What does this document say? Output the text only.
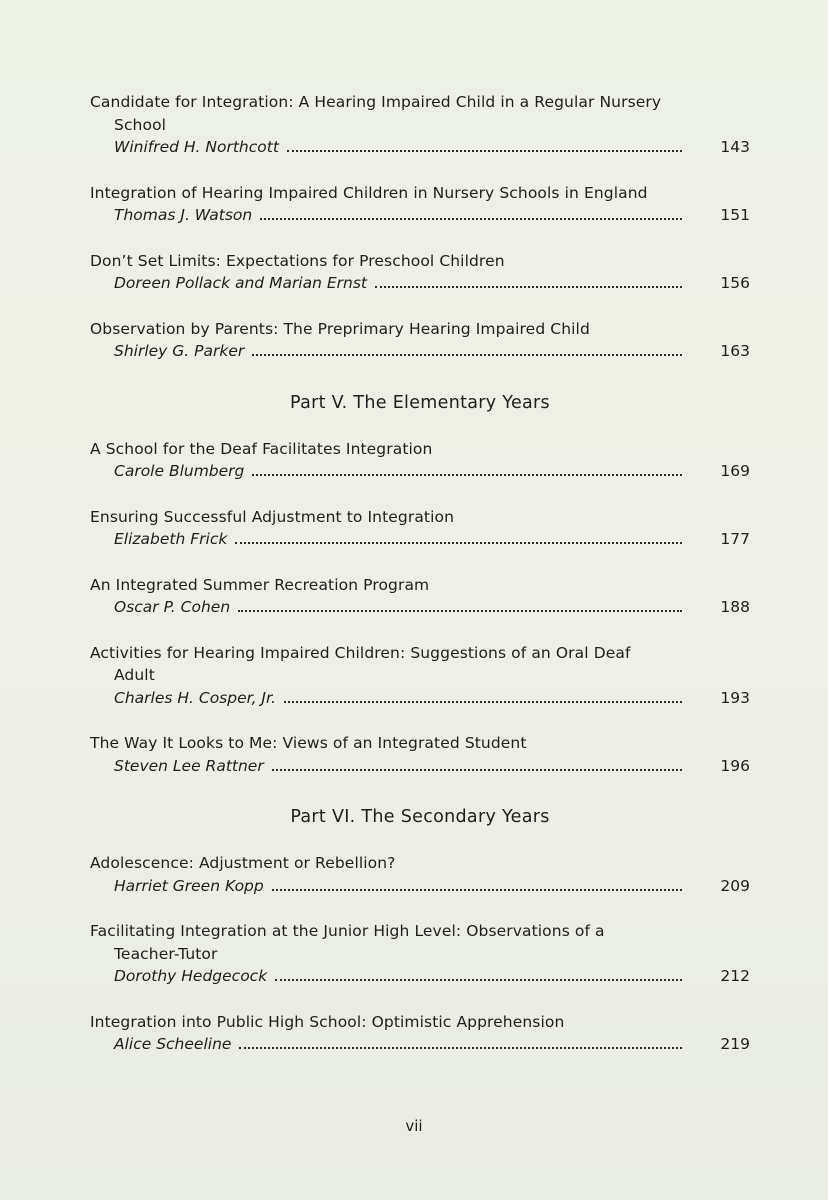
Candidate for Integration: A Hearing Impaired Child in a Regular Nursery School
Winifred H. Northcott	143
Integration of Hearing Impaired Children in Nursery Schools in England
Thomas J. Watson	151
Don’t Set Limits: Expectations for Preschool Children
Doreen Pollack and Marian Ernst	156
Observation by Parents: The Preprimary Hearing Impaired Child
Shirley G. Parker	163
Part V. The Elementary Years
A School for the Deaf Facilitates Integration
Carole Blumberg	169
Ensuring Successful Adjustment to Integration
Elizabeth Frick	177
An Integrated Summer Recreation Program
Oscar P. Cohen	188
Activities for Hearing Impaired Children: Suggestions of an Oral Deaf Adult
Charles H. Cosper, Jr.	193
The Way It Looks to Me: Views of an Integrated Student
Steven Lee Rattner	196
Part VI. The Secondary Years
Adolescence: Adjustment or Rebellion?
Harriet Green Kopp	209
Facilitating Integration at the Junior High Level: Observations of a Teacher-Tutor
Dorothy Hedgecock	212
Integration into Public High School: Optimistic Apprehension
Alice Scheeline	219
vii
